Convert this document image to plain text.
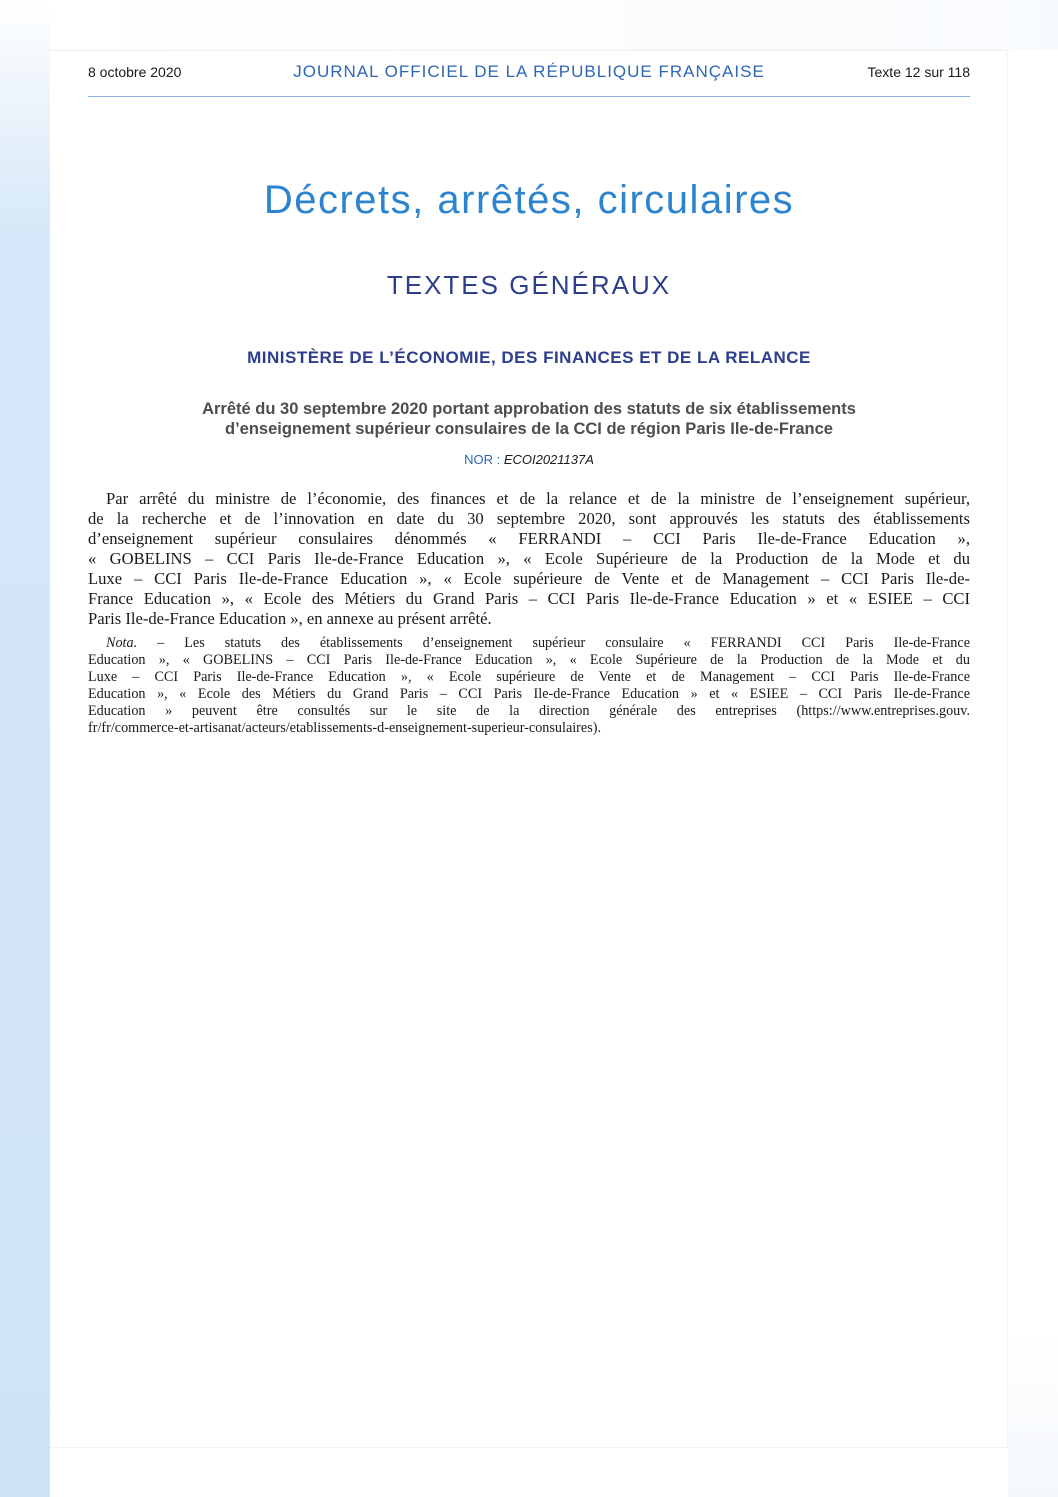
8 octobre 2020	JOURNAL OFFICIEL DE LA RÉPUBLIQUE FRANÇAISE	Texte 12 sur 118
Décrets, arrêtés, circulaires
TEXTES GÉNÉRAUX
MINISTÈRE DE L’ÉCONOMIE, DES FINANCES ET DE LA RELANCE
Arrêté du 30 septembre 2020 portant approbation des statuts de six établissements
d’enseignement supérieur consulaires de la CCI de région Paris Ile-de-France
NOR : ECOI2021137A
Par arrêté du ministre de l’économie, des finances et de la relance et de la ministre de l’enseignement supérieur,
de la recherche et de l’innovation en date du 30 septembre 2020, sont approuvés les statuts des établissements
d’enseignement supérieur consulaires dénommés « FERRANDI – CCI Paris Ile-de-France Education »,
« GOBELINS – CCI Paris Ile-de-France Education », « Ecole Supérieure de la Production de la Mode et du
Luxe – CCI Paris Ile-de-France Education », « Ecole supérieure de Vente et de Management – CCI Paris Ile-de-
France Education », « Ecole des Métiers du Grand Paris – CCI Paris Ile-de-France Education » et « ESIEE – CCI
Paris Ile-de-France Education », en annexe au présent arrêté.
Nota. – Les statuts des établissements d’enseignement supérieur consulaire « FERRANDI CCI Paris Ile-de-France
Education », « GOBELINS – CCI Paris Ile-de-France Education », « Ecole Supérieure de la Production de la Mode et du
Luxe – CCI Paris Ile-de-France Education », « Ecole supérieure de Vente et de Management – CCI Paris Ile-de-France
Education », « Ecole des Métiers du Grand Paris – CCI Paris Ile-de-France Education » et « ESIEE – CCI Paris Ile-de-France
Education » peuvent être consultés sur le site de la direction générale des entreprises (https://www.entreprises.gouv.
fr/fr/commerce-et-artisanat/acteurs/etablissements-d-enseignement-superieur-consulaires).
